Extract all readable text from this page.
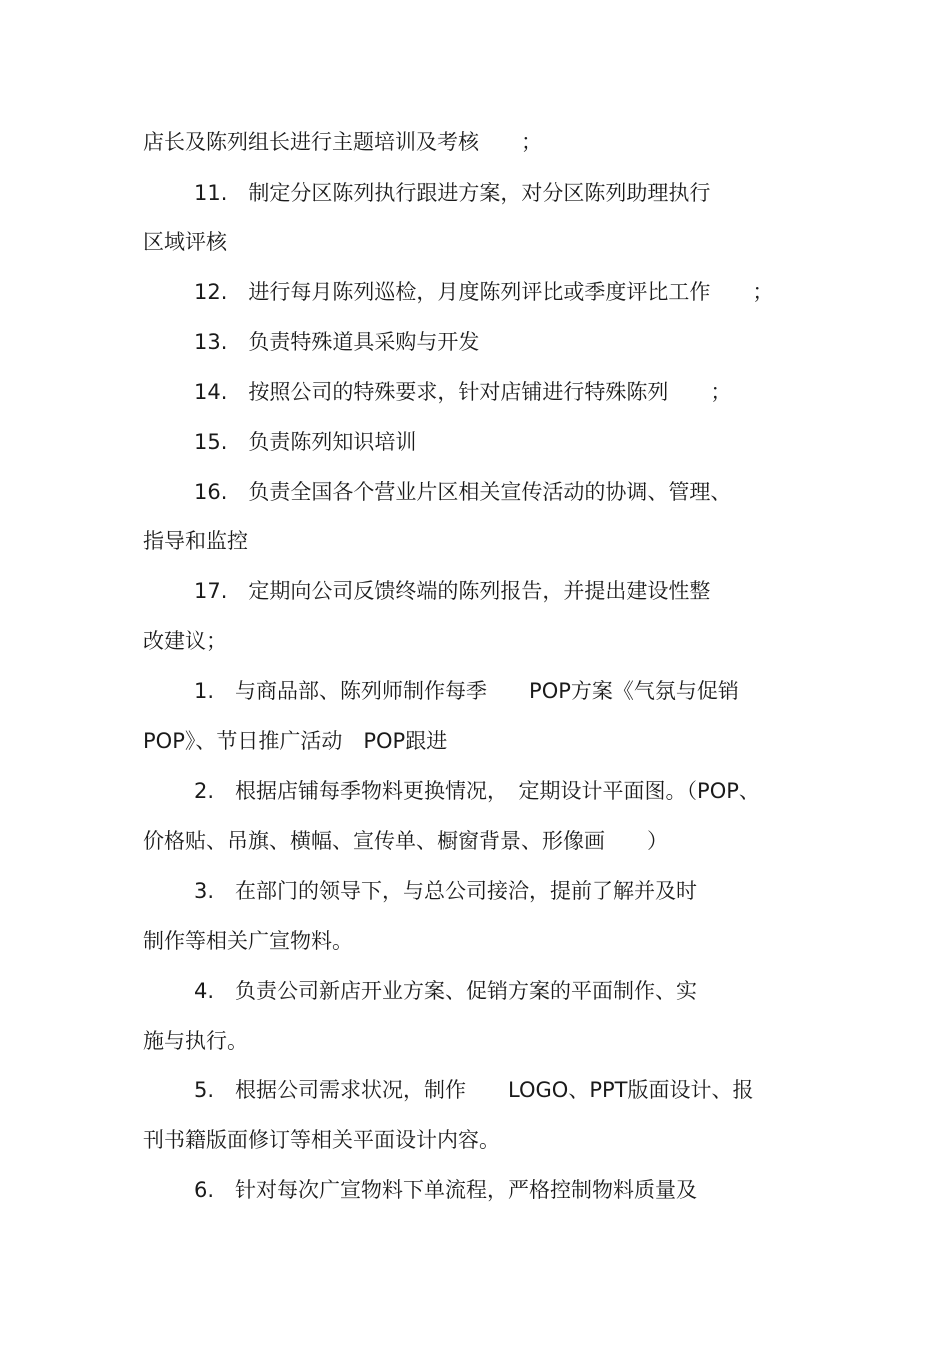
店长及陈列组长进行主题培训及考核　　；
11.　制定分区陈列执行跟进方案，对分区陈列助理执行
区域评核
12.　进行每月陈列巡检，月度陈列评比或季度评比工作　　；
13.　负责特殊道具采购与开发
14.　按照公司的特殊要求，针对店铺进行特殊陈列　　；
15.　负责陈列知识培训
16.　负责全国各个营业片区相关宣传活动的协调、管理、
指导和监控
17.　定期向公司反馈终端的陈列报告，并提出建设性整
改建议；
1.　与商品部、陈列师制作每季　　POP方案《气氛与促销
POP》、节日推广活动　POP跟进
2.　根据店铺每季物料更换情况，　定期设计平面图。（POP、
价格贴、吊旗、横幅、宣传单、橱窗背景、形像画　　）
3.　在部门的领导下，与总公司接洽，提前了解并及时
制作等相关广宣物料。
4.　负责公司新店开业方案、促销方案的平面制作、实
施与执行。
5.　根据公司需求状况，制作　　LOGO、PPT版面设计、报
刊书籍版面修订等相关平面设计内容。
6.　针对每次广宣物料下单流程，严格控制物料质量及
